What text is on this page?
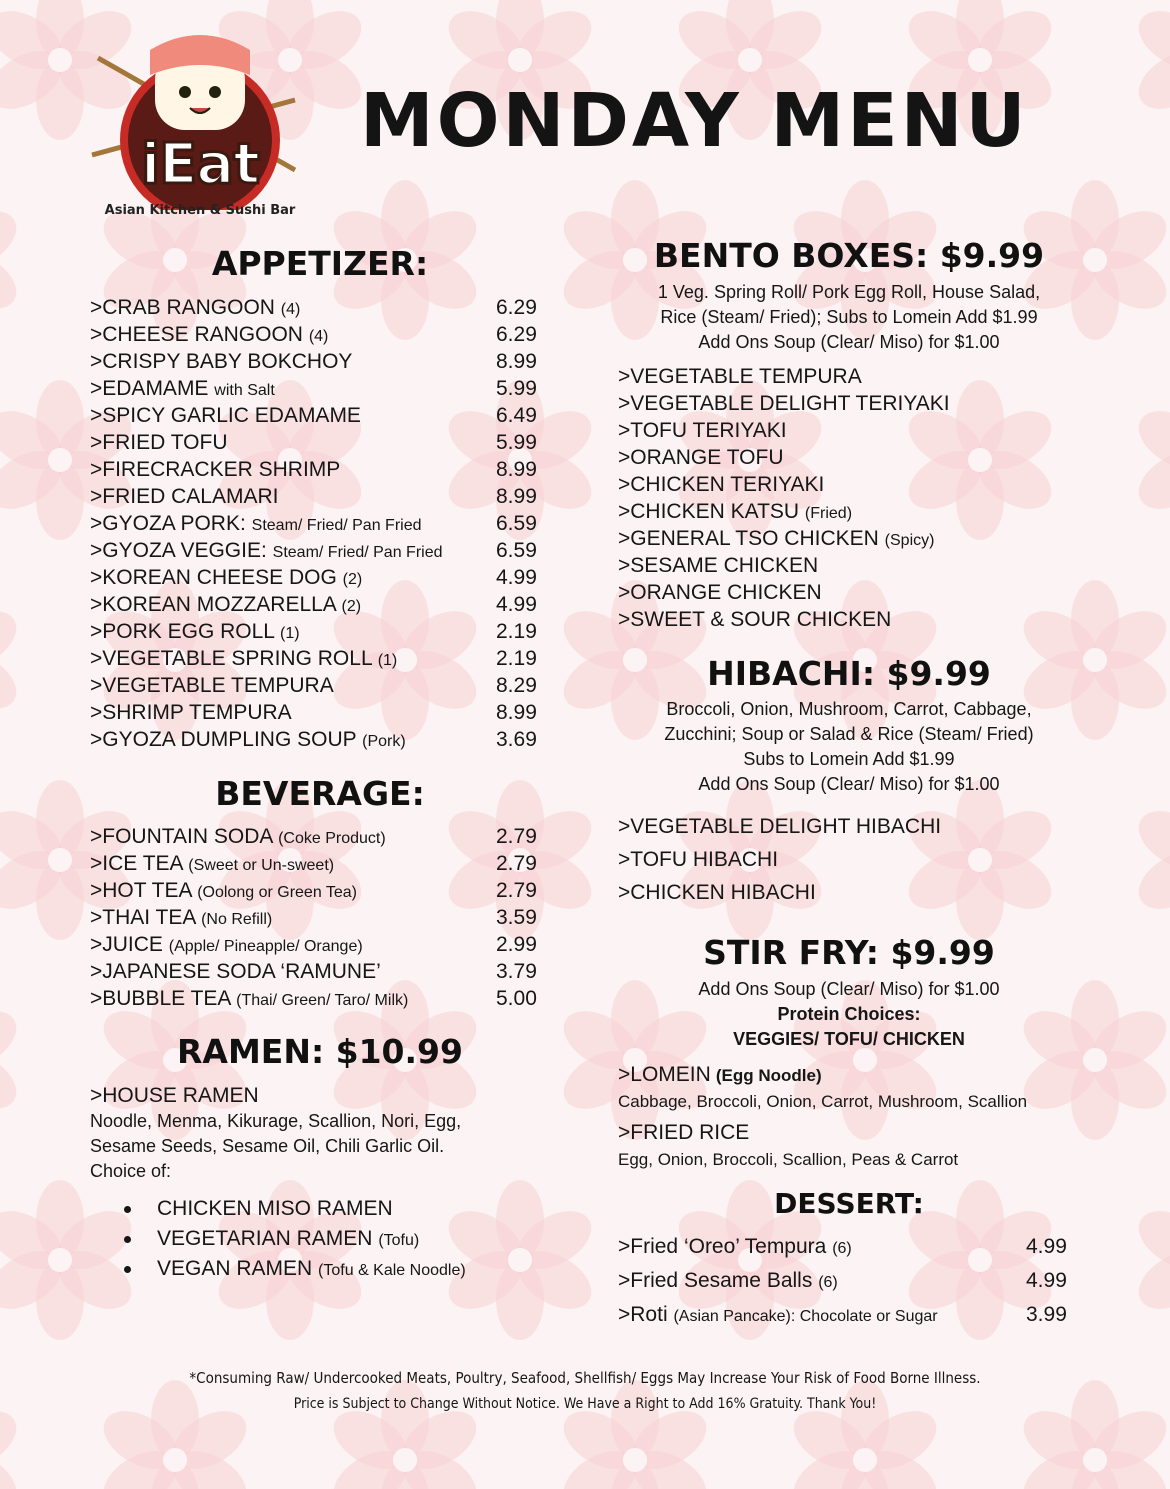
iEat
Asian Kitchen & Sushi Bar
MONDAY MENU
APPETIZER:
>CRAB RANGOON (4)	6.29
>CHEESE RANGOON (4)	6.29
>CRISPY BABY BOKCHOY	8.99
>EDAMAME with Salt	5.99
>SPICY GARLIC EDAMAME	6.49
>FRIED TOFU	5.99
>FIRECRACKER SHRIMP	8.99
>FRIED CALAMARI	8.99
>GYOZA PORK: Steam/ Fried/ Pan Fried	6.59
>GYOZA VEGGIE: Steam/ Fried/ Pan Fried	6.59
>KOREAN CHEESE DOG (2)	4.99
>KOREAN MOZZARELLA (2)	4.99
>PORK EGG ROLL (1)	2.19
>VEGETABLE SPRING ROLL (1)	2.19
>VEGETABLE TEMPURA	8.29
>SHRIMP TEMPURA	8.99
>GYOZA DUMPLING SOUP (Pork)	3.69
BEVERAGE:
>FOUNTAIN SODA (Coke Product)	2.79
>ICE TEA (Sweet or Un-sweet)	2.79
>HOT TEA (Oolong or Green Tea)	2.79
>THAI TEA (No Refill)	3.59
>JUICE (Apple/ Pineapple/ Orange)	2.99
>JAPANESE SODA ‘RAMUNE’	3.79
>BUBBLE TEA (Thai/ Green/ Taro/ Milk)	5.00
RAMEN: $10.99
>HOUSE RAMEN
Noodle, Menma, Kikurage, Scallion, Nori, Egg,
Sesame Seeds, Sesame Oil, Chili Garlic Oil.
Choice of:
CHICKEN MISO RAMEN
VEGETARIAN RAMEN (Tofu)
VEGAN RAMEN (Tofu & Kale Noodle)
BENTO BOXES: $9.99
1 Veg. Spring Roll/ Pork Egg Roll, House Salad,
Rice (Steam/ Fried); Subs to Lomein Add $1.99
Add Ons Soup (Clear/ Miso) for $1.00
>VEGETABLE TEMPURA
>VEGETABLE DELIGHT TERIYAKI
>TOFU TERIYAKI
>ORANGE TOFU
>CHICKEN TERIYAKI
>CHICKEN KATSU (Fried)
>GENERAL TSO CHICKEN (Spicy)
>SESAME CHICKEN
>ORANGE CHICKEN
>SWEET & SOUR CHICKEN
HIBACHI: $9.99
Broccoli, Onion, Mushroom, Carrot, Cabbage,
Zucchini; Soup or Salad & Rice (Steam/ Fried)
Subs to Lomein Add $1.99
Add Ons Soup (Clear/ Miso) for $1.00
>VEGETABLE DELIGHT HIBACHI
>TOFU HIBACHI
>CHICKEN HIBACHI
STIR FRY: $9.99
Add Ons Soup (Clear/ Miso) for $1.00
Protein Choices:
VEGGIES/ TOFU/ CHICKEN
>LOMEIN (Egg Noodle)
Cabbage, Broccoli, Onion, Carrot, Mushroom, Scallion
>FRIED RICE
Egg, Onion, Broccoli, Scallion, Peas & Carrot
DESSERT:
>Fried ‘Oreo’ Tempura (6)	4.99
>Fried Sesame Balls (6)	4.99
>Roti (Asian Pancake): Chocolate or Sugar	3.99
*Consuming Raw/ Undercooked Meats, Poultry, Seafood, Shellfish/ Eggs May Increase Your Risk of Food Borne Illness.
Price is Subject to Change Without Notice. We Have a Right to Add 16% Gratuity. Thank You!
